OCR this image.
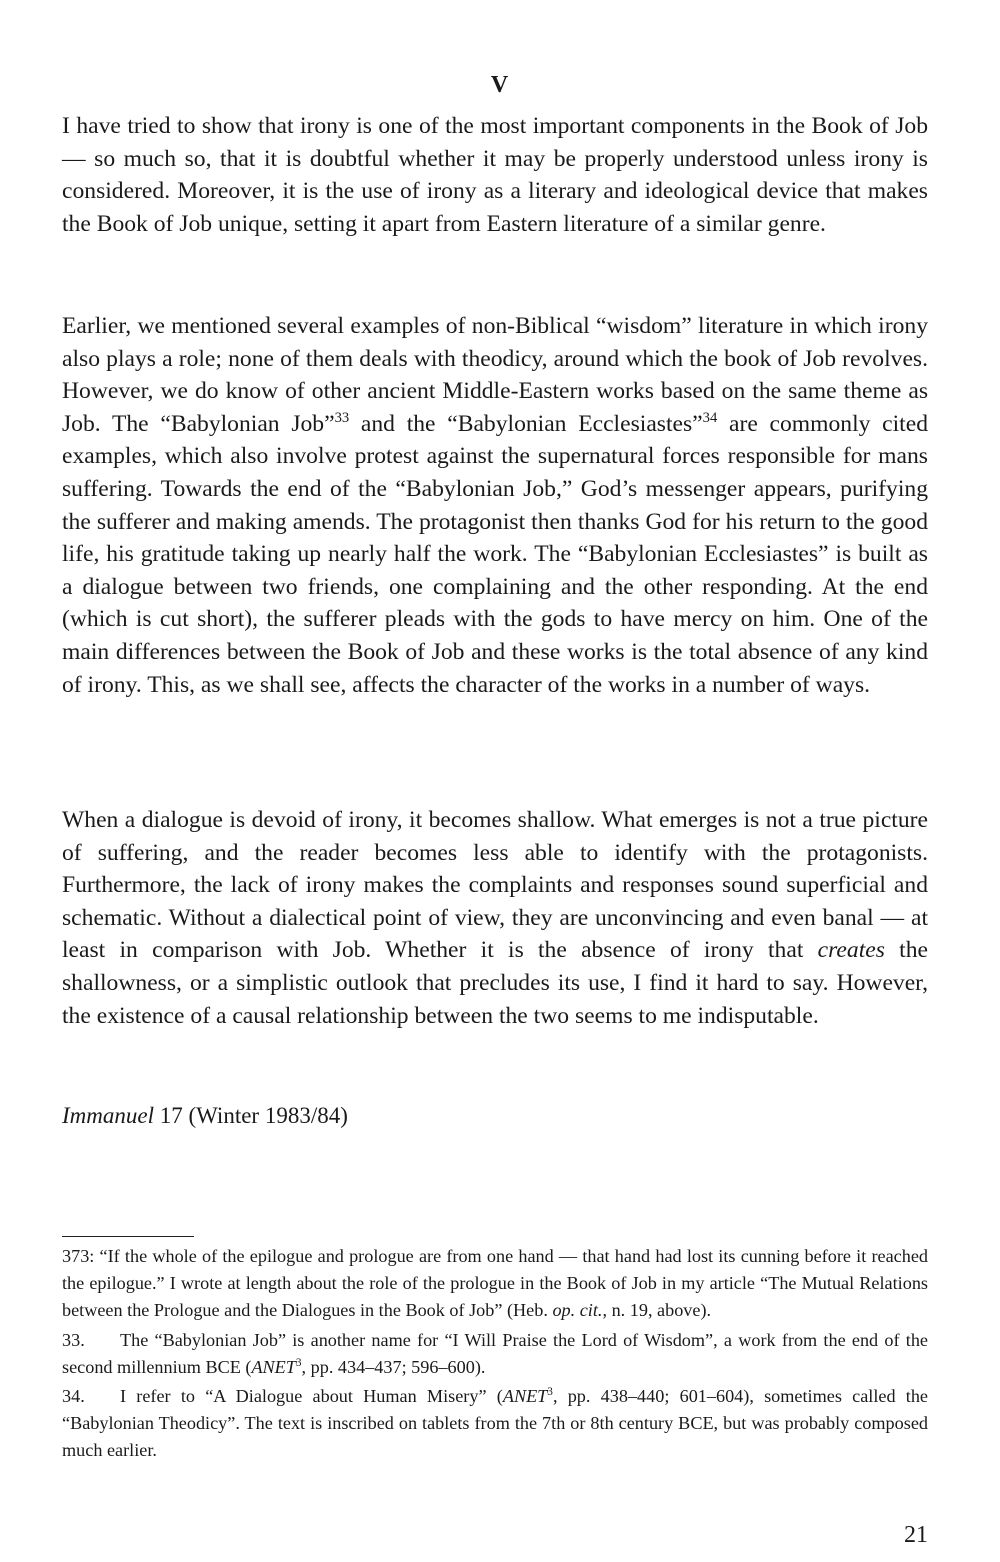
V

I have tried to show that irony is one of the most important components in the Book of Job — so much so, that it is doubtful whether it may be properly understood unless irony is considered. Moreover, it is the use of irony as a literary and ideological device that makes the Book of Job unique, setting it apart from Eastern literature of a similar genre.

Earlier, we mentioned several examples of non-Biblical “wisdom” literature in which irony also plays a role; none of them deals with theodicy, around which the book of Job revolves. However, we do know of other ancient Middle-Eastern works based on the same theme as Job. The “Babylonian Job”$^{33}$ and the “Babylonian Ecclesiastes”$^{34}$ are commonly cited examples, which also involve protest against the supernatural forces responsible for mans suffering. Towards the end of the “Babylonian Job,” God’s messenger appears, purifying the sufferer and making amends. The protagonist then thanks God for his return to the good life, his gratitude taking up nearly half the work. The “Babylonian Ecclesiastes” is built as a dialogue between two friends, one complaining and the other responding. At the end (which is cut short), the sufferer pleads with the gods to have mercy on him. One of the main differences between the Book of Job and these works is the total absence of any kind of irony. This, as we shall see, affects the character of the works in a number of ways.

When a dialogue is devoid of irony, it becomes shallow. What emerges is not a true picture of suffering, and the reader becomes less able to identify with the protagonists. Furthermore, the lack of irony makes the complaints and responses sound superficial and schematic. Without a dialectical point of view, they are unconvincing and even banal — at least in comparison with Job. Whether it is the absence of irony that creates the shallowness, or a simplistic outlook that precludes its use, I find it hard to say. However, the existence of a causal relationship between the two seems to me indisputable.

Immanuel 17 (Winter 1983/84)

373: “If the whole of the epilogue and prologue are from one hand — that hand had lost its cunning before it reached the epilogue.” I wrote at length about the role of the prologue in the Book of Job in my article “The Mutual Relations between the Prologue and the Dialogues in the Book of Job” (Heb. op. cit., n. 19, above).

33. The “Babylonian Job” is another name for “I Will Praise the Lord of Wisdom”, a work from the end of the second millennium BCE (ANET$^3$, pp. 434–437; 596–600).

34. I refer to “A Dialogue about Human Misery” (ANET$^3$, pp. 438–440; 601–604), sometimes called the “Babylonian Theodicy”. The text is inscribed on tablets from the 7th or 8th century BCE, but was probably composed much earlier.

21
